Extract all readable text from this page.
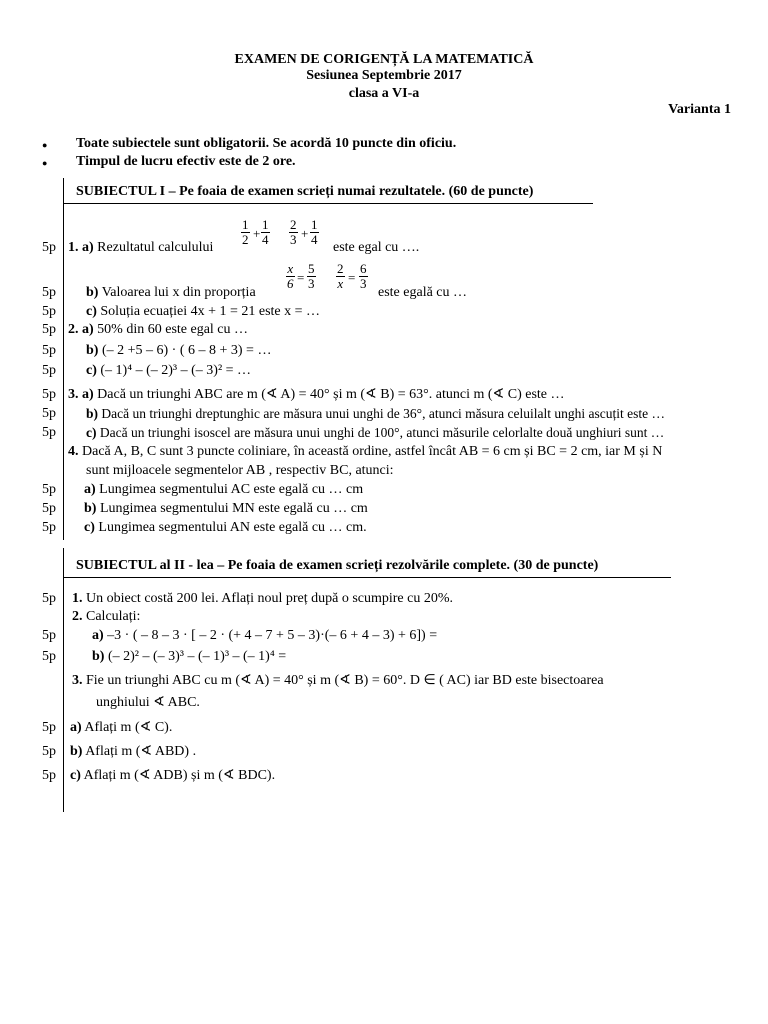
EXAMEN DE CORIGENȚĂ LA MATEMATICĂ
Sesiunea Septembrie 2017
clasa a VI-a
Varianta 1
● Toate subiectele sunt obligatorii. Se acordă 10 puncte din oficiu.
● Timpul de lucru efectiv este de 2 ore.
SUBIECTUL I – Pe foaia de examen scrieți numai rezultatele. (60 de puncte)
5p 1. a) Rezultatul calculului
$\frac{1}{2} + \frac{1}{4} \frac{2}{3} + \frac{1}{4}$
este egal cu ….
5p b) Valoarea lui x din proporția
$\frac{x}{6} = \frac{5}{3} \frac{2}{x} = \frac{6}{3}$
este egală cu …
5p c) Soluția ecuației 4x + 1 = 21 este x = …
5p 2. a) 50% din 60 este egal cu …
5p b) (– 2 +5 – 6) · ( 6 – 8 + 3) = …
5p c) (– 1)⁴ – (– 2)³ – (– 3)² = …
5p 3. a) Dacă un triunghi ABC are m (∢ A) = 40° și m (∢ B) = 63°. atunci m (∢ C) este …
5p b) Dacă un triunghi dreptunghic are măsura unui unghi de 36°, atunci măsura celuilalt unghi ascuțit este …
5p c) Dacă un triunghi isoscel are măsura unui unghi de 100°, atunci măsurile celorlalte două unghiuri sunt …
4. Dacă A, B, C sunt 3 puncte coliniare, în această ordine, astfel încât AB = 6 cm și BC = 2 cm, iar M și N
sunt mijloacele segmentelor AB , respectiv BC, atunci:
5p a) Lungimea segmentului AC este egală cu … cm
5p b) Lungimea segmentului MN este egală cu … cm
5p c) Lungimea segmentului AN este egală cu … cm.
SUBIECTUL al II - lea – Pe foaia de examen scrieți rezolvările complete. (30 de puncte)
5p 1. Un obiect costă 200 lei. Aflați noul preț după o scumpire cu 20%.
2. Calculați:
5p	a) –3 · ( – 8 – 3 · [ – 2 · (+ 4 – 7 + 5 – 3)·(– 6 + 4 – 3) + 6]) =
5p	b) (– 2)² – (– 3)³ – (– 1)³ – (– 1)⁴ =
3. Fie un triunghi ABC cu m (∢ A) = 40° și m (∢ B) = 60°. D ∈ ( AC) iar BD este bisectoarea
unghiului ∢ ABC.
5p a) Aflați m (∢ C).
5p b) Aflați m (∢ ABD) .
5p c) Aflați m (∢ ADB) și m (∢ BDC).
